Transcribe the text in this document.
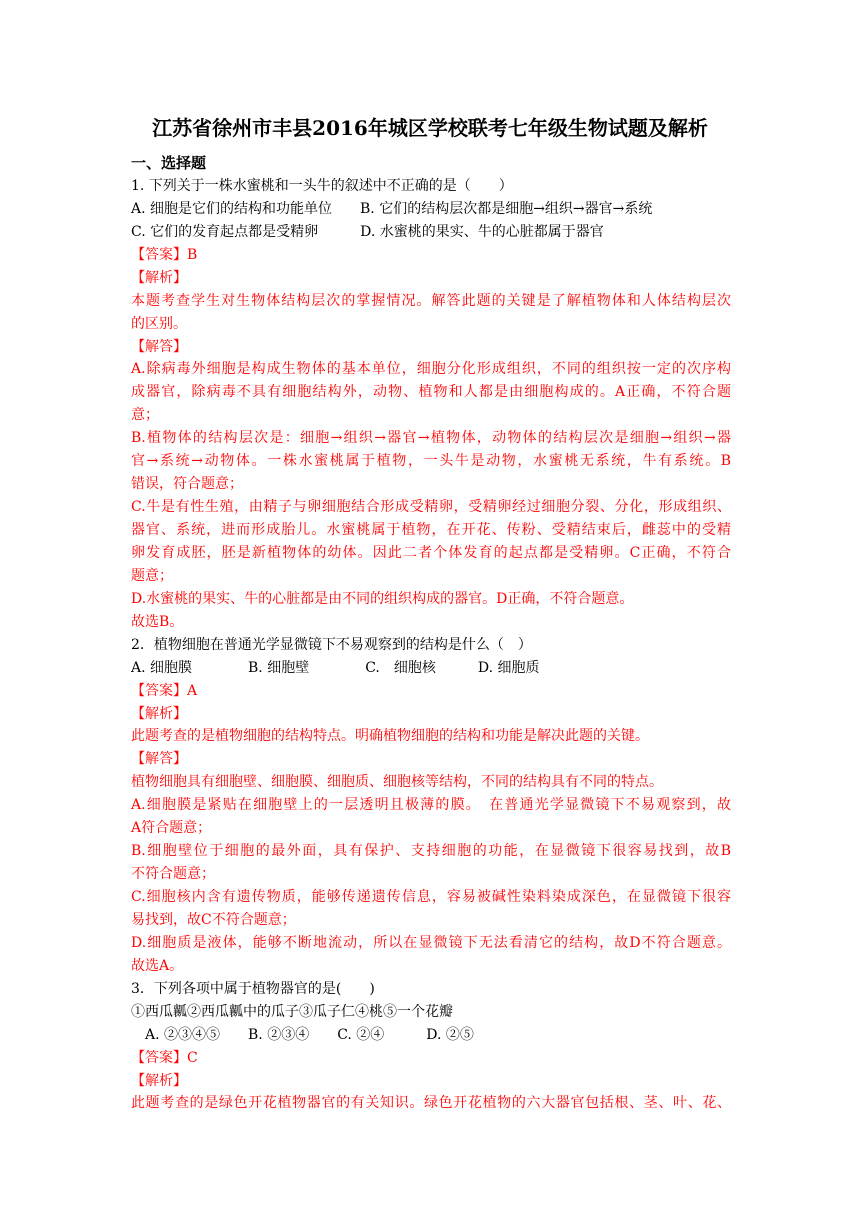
江苏省徐州市丰县2016年城区学校联考七年级生物试题及解析
一、选择题
1. 下列关于一株水蜜桃和一头牛的叙述中不正确的是（　　）
A. 细胞是它们的结构和功能单位　　B. 它们的结构层次都是细胞→组织→器官→系统
C. 它们的发育起点都是受精卵　　　D. 水蜜桃的果实、牛的心脏都属于器官
【答案】B
【解析】
本题考查学生对生物体结构层次的掌握情况。解答此题的关键是了解植物体和人体结构层次
的区别。
【解答】
A.除病毒外细胞是构成生物体的基本单位，细胞分化形成组织，不同的组织按一定的次序构
成器官，除病毒不具有细胞结构外，动物、植物和人都是由细胞构成的。A正确，不符合题
意；
B.植物体的结构层次是：细胞→组织→器官→植物体，动物体的结构层次是细胞→组织→器
官→系统→动物体。一株水蜜桃属于植物，一头牛是动物，水蜜桃无系统，牛有系统。B
错误，符合题意；
C.牛是有性生殖，由精子与卵细胞结合形成受精卵，受精卵经过细胞分裂、分化，形成组织、
器官、系统，进而形成胎儿。水蜜桃属于植物，在开花、传粉、受精结束后，雌蕊中的受精
卵发育成胚，胚是新植物体的幼体。因此二者个体发育的起点都是受精卵。C正确，不符合
题意；
D.水蜜桃的果实、牛的心脏都是由不同的组织构成的器官。D正确，不符合题意。
故选B。
2．植物细胞在普通光学显微镜下不易观察到的结构是什么（　）
A. 细胞膜　　　　B. 细胞壁　　　　C.　细胞核　　　D. 细胞质
【答案】A
【解析】
此题考查的是植物细胞的结构特点。明确植物细胞的结构和功能是解决此题的关键。
【解答】
植物细胞具有细胞壁、细胞膜、细胞质、细胞核等结构，不同的结构具有不同的特点。
A.细胞膜是紧贴在细胞壁上的一层透明且极薄的膜。　在普通光学显微镜下不易观察到，故
A符合题意；
B.细胞壁位于细胞的最外面，具有保护、支持细胞的功能，在显微镜下很容易找到，故B
不符合题意；
C.细胞核内含有遗传物质，能够传递遗传信息，容易被碱性染料染成深色，在显微镜下很容
易找到，故C不符合题意；
D.细胞质是液体，能够不断地流动，所以在显微镜下无法看清它的结构，故D不符合题意。
故选A。
3．下列各项中属于植物器官的是(　　)
①西瓜瓤②西瓜瓤中的瓜子③瓜子仁④桃⑤一个花瓣
　A. ②③④⑤　　B. ②③④　　C. ②④　　　D. ②⑤
【答案】C
【解析】
此题考查的是绿色开花植物器官的有关知识。绿色开花植物的六大器官包括根、茎、叶、花、
